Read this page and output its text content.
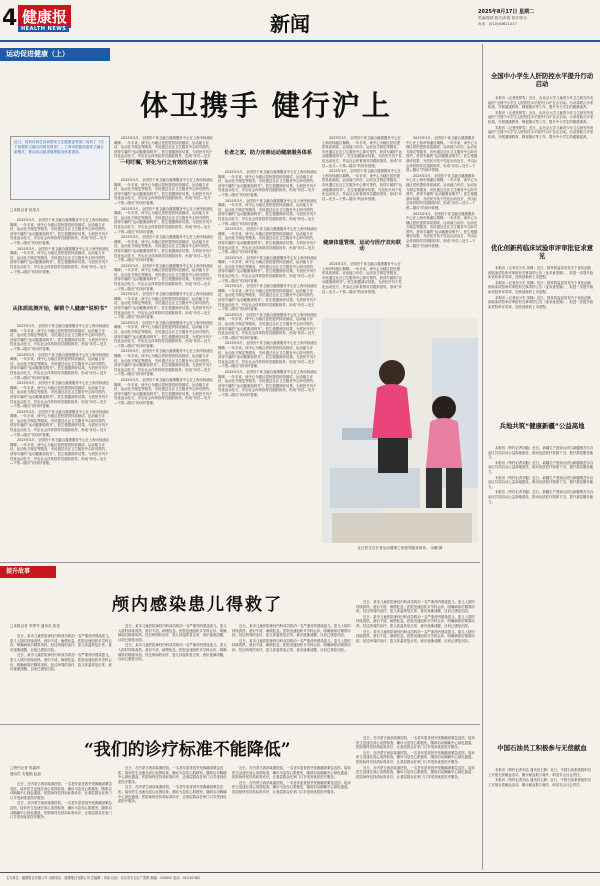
4 健康报
HEALTH NEWS	新闻	2025年8月17日 星期二
责编/陈倩 版式/彭娟 校对/张京
电话：(010)64621017
运动促进健康（上）
体卫携手 健行沪上
近日，国家体育总局和国家卫生健康委等部门发布了《关于加强体卫融合的指导意见》。上海市积极探索体卫融合新模式，推动运动促进健康服务体系建设。
□本报记者 赵星月

2025年3月，全国首个体卫融合健康服务中心在上海市杨浦区揭牌。一年多来，该中心为辖区居民提供体质测试、运动能力评估、运动处方制定等服务，市民通过社区卫生服务中心即可预约，获得专属的“运动健康说明书”。医生根据测评结果，为居民开具个性化运动处方，并由社会体育指导员跟踪指导，形成“评估—处方—干预—随访”的闭环管理。

2025年3月，全国首个体卫融合健康服务中心在上海市杨浦区揭牌。一年多来，该中心为辖区居民提供体质测试、运动能力评估、运动处方制定等服务，市民通过社区卫生服务中心即可预约，获得专属的“运动健康说明书”。医生根据测评结果，为居民开具个性化运动处方，并由社会体育指导员跟踪指导，形成“评估—处方—干预—随访”的闭环管理。

从体质监测开始，解锁个人健康“说明书”

2025年3月，全国首个体卫融合健康服务中心在上海市杨浦区揭牌。一年多来，该中心为辖区居民提供体质测试、运动能力评估、运动处方制定等服务，市民通过社区卫生服务中心即可预约，获得专属的“运动健康说明书”。医生根据测评结果，为居民开具个性化运动处方，并由社会体育指导员跟踪指导，形成“评估—处方—干预—随访”的闭环管理。

2025年3月，全国首个体卫融合健康服务中心在上海市杨浦区揭牌。一年多来，该中心为辖区居民提供体质测试、运动能力评估、运动处方制定等服务，市民通过社区卫生服务中心即可预约，获得专属的“运动健康说明书”。医生根据测评结果，为居民开具个性化运动处方，并由社会体育指导员跟踪指导，形成“评估—处方—干预—随访”的闭环管理。

2025年3月，全国首个体卫融合健康服务中心在上海市杨浦区揭牌。一年多来，该中心为辖区居民提供体质测试、运动能力评估、运动处方制定等服务，市民通过社区卫生服务中心即可预约，获得专属的“运动健康说明书”。医生根据测评结果，为居民开具个性化运动处方，并由社会体育指导员跟踪指导，形成“评估—处方—干预—随访”的闭环管理。

2025年3月，全国首个体卫融合健康服务中心在上海市杨浦区揭牌。一年多来，该中心为辖区居民提供体质测试、运动能力评估、运动处方制定等服务，市民通过社区卫生服务中心即可预约，获得专属的“运动健康说明书”。医生根据测评结果，为居民开具个性化运动处方，并由社会体育指导员跟踪指导，形成“评估—处方—干预—随访”的闭环管理。

2025年3月，全国首个体卫融合健康服务中心在上海市杨浦区揭牌。一年多来，该中心为辖区居民提供体质测试、运动能力评估、运动处方制定等服务，市民通过社区卫生服务中心即可预约，获得专属的“运动健康说明书”。医生根据测评结果，为居民开具个性化运动处方，并由社会体育指导员跟踪指导，形成“评估—处方—干预—随访”的闭环管理。

2025年3月，全国首个体卫融合健康服务中心在上海市杨浦区揭牌。一年多来，该中心为辖区居民提供体质测试、运动能力评估、运动处方制定等服务，市民通过社区卫生服务中心即可预约，获得专属的“运动健康说明书”。医生根据测评结果，为居民开具个性化运动处方，并由社会体育指导员跟踪指导，形成“评估—处方

一句叮嘱，转化为行之有效的运动方案

2025年3月，全国首个体卫融合健康服务中心在上海市杨浦区揭牌。一年多来，该中心为辖区居民提供体质测试、运动能力评估、运动处方制定等服务，市民通过社区卫生服务中心即可预约，获得专属的“运动健康说明书”。医生根据测评结果，为居民开具个性化运动处方，并由社会体育指导员跟踪指导，形成“评估—处方—干预—随访”的闭环管理。

2025年3月，全国首个体卫融合健康服务中心在上海市杨浦区揭牌。一年多来，该中心为辖区居民提供体质测试、运动能力评估、运动处方制定等服务，市民通过社区卫生服务中心即可预约，获得专属的“运动健康说明书”。医生根据测评结果，为居民开具个性化运动处方，并由社会体育指导员跟踪指导，形成“评估—处方—干预—随访”的闭环管理。

2025年3月，全国首个体卫融合健康服务中心在上海市杨浦区揭牌。一年多来，该中心为辖区居民提供体质测试、运动能力评估、运动处方制定等服务，市民通过社区卫生服务中心即可预约，获得专属的“运动健康说明书”。医生根据测评结果，为居民开具个性化运动处方，并由社会体育指导员跟踪指导，形成“评估—处方—干预—随访”的闭环管理。

2025年3月，全国首个体卫融合健康服务中心在上海市杨浦区揭牌。一年多来，该中心为辖区居民提供体质测试、运动能力评估、运动处方制定等服务，市民通过社区卫生服务中心即可预约，获得专属的“运动健康说明书”。医生根据测评结果，为居民开具个性化运动处方，并由社会体育指导员跟踪指导，形成“评估—处方—干预—随访”的闭环管理。

2025年3月，全国首个体卫融合健康服务中心在上海市杨浦区揭牌。一年多来，该中心为辖区居民提供体质测试、运动能力评估、运动处方制定等服务，市民通过社区卫生服务中心即可预约，获得专属的“运动健康说明书”。医生根据测评结果，为居民开具个性化运动处方，并由社会体育指导员跟踪指导，形成“评估—处方—干预—随访”的闭环管理。

2025年3月，全国首个体卫融合健康服务中心在上海市杨浦区揭牌。一年多来，该中心为辖区居民提供体质测试、运动能力评估、运动处方制定等服务，市民通过社区卫生服务中心即可预约，获得专属的“运动健康说明书”。医生根据测评结果，为居民开具个性化运动处方，并由社会体育指导员跟踪指导，形成“评估—处方—干预—随访”的闭环管理。

2025年3月，全国首个体卫融合健康服务中心在上海市杨浦区揭牌。一年多来，该中心为辖区居民提供体质测试、运动能力评估、运动处方制定等服务，市民通过社区卫生服务中心即可预约，获得专属的“运动健康说明书”。医生根据测评结果，为居民开具个性化运动处方，并由社会体育指导员跟踪指导，形成“评估—处方—干预—随访”的闭环管理。

2025年3月，全国首个体卫融合健康服务中心在上海市杨浦区揭牌。一年多来，该中心为辖区居民提供体质测试、运动能力评估、运动处方制定等服务，市民通过社区卫生服务中心即可预约，获得专属的“运动健康说明书”。医生根据测评结果，为居民开具个性化运动处方，并由社会体育指导员跟踪指导，形成“评估—处方—干预—随访”的闭环管理。

长者之家，助力完善运动健康服务体系

2025年3月，全国首个体卫融合健康服务中心在上海市杨浦区揭牌。一年多来，该中心为辖区居民提供体质测试、运动能力评估、运动处方制定等服务，市民通过社区卫生服务中心即可预约，获得专属的“运动健康说明书”。医生根据测评结果，为居民开具个性化运动处方，并由社会体育指导员跟踪指导，形成“评估—处方—干预—随访”的闭环管理。

2025年3月，全国首个体卫融合健康服务中心在上海市杨浦区揭牌。一年多来，该中心为辖区居民提供体质测试、运动能力评估、运动处方制定等服务，市民通过社区卫生服务中心即可预约，获得专属的“运动健康说明书”。医生根据测评结果，为居民开具个性化运动处方，并由社会体育指导员跟踪指导，形成“评估—处方—干预—随访”的闭环管理。

2025年3月，全国首个体卫融合健康服务中心在上海市杨浦区揭牌。一年多来，该中心为辖区居民提供体质测试、运动能力评估、运动处方制定等服务，市民通过社区卫生服务中心即可预约，获得专属的“运动健康说明书”。医生根据测评结果，为居民开具个性化运动处方，并由社会体育指导员跟踪指导，形成“评估—处方—干预—随访”的闭环管理。

2025年3月，全国首个体卫融合健康服务中心在上海市杨浦区揭牌。一年多来，该中心为辖区居民提供体质测试、运动能力评估、运动处方制定等服务，市民通过社区卫生服务中心即可预约，获得专属的“运动健康说明书”。医生根据测评结果，为居民开具个性化运动处方，并由社会体育指导员跟踪指导，形成“评估—处方—干预—随访”的闭环管理。

2025年3月，全国首个体卫融合健康服务中心在上海市杨浦区揭牌。一年多来，该中心为辖区居民提供体质测试、运动能力评估、运动处方制定等服务，市民通过社区卫生服务中心即可预约，获得专属的“运动健康说明书”。医生根据测评结果，为居民开具个性化运动处方，并由社会体育指导员跟踪指导，形成“评估—处方—干预—随访”的闭环管理。

2025年3月，全国首个体卫融合健康服务中心在上海市杨浦区揭牌。一年多来，该中心为辖区居民提供体质测试、运动能力评估、运动处方制定等服务，市民通过社区卫生服务中心即可预约，获得专属的“运动健康说明书”。医生根据测评结果，为居民开具个性化运动处方，并由社会体育指导员跟踪指导，形成“评估—处方—干预—随访”的闭环管理。

2025年3月，全国首个体卫融合健康服务中心在上海市杨浦区揭牌。一年多来，该中心为辖区居民提供体质测试、运动能力评估、运动处方制定等服务，市民通过社区卫生服务中心即可预约，获得专属的“运动健康说明书”。医生根据测评结果，为居民开具个性化运动处方，并由社会体育指导员跟踪指导，形成“评估—处方—干预—随访”的闭环管理。

2025年3月，全国首个体卫融合健康服务中心在上海市杨浦区揭牌。一年多来，该中心为辖区居民提供体质测试、运动能力评估、运动处方制定等服务，市民通过社区卫生服务中心即可预约，获得专属的“运动健康说明书”。医生根据测评结果，为居民开具个性化运动处方，并由社会体育指导员跟踪指导，形成“评估—处方—干预—随访”的闭环管理。

2025年3月，全国首个体卫融合健康服务中心在上海市杨浦区揭牌。一年多来，该中心为辖区居民提供体质测试、运动能力评估、运动处方制定等服务，市民通过社区卫生服务中心即可预约，获得专属的“运动健康说明书”。医生根据测评结果，为居民开具个性化运动处方，并由社会体育指导员跟踪指导，形成“评估—处方—干预—随访”的闭环管理。

2025年3月，全国首个体卫融合健康服务中心在上海市杨浦区揭牌。一年多来，该中心为辖区居民提供体质测试、运动能力评估、运动处方制定等服务，市民通过社区卫生服务中心即可预约，获得专属的“运动健康说明书”。医生根据测评结果，为居民开具个性化运动处方，并由社会体育指导员跟踪指导，形成“评估—处方—干预—随访”的闭环管理。

健康体重管理，运动与医疗双向联动

2025年3月，全国首个体卫融合健康服务中心在上海市杨浦区揭牌。一年多来，该中心为辖区居民提供体质测试、运动能力评估、运动处方制定等服务，市民通过社区卫生服务中心即可预约，获得专属的“运动健康说明书”。医生根据测评结果，为居民开具个性化运动处方，并由社会体育指导员跟踪指导，形成“评估—处方—干预—随访”的闭环管理。

2025年3月，全国首个体卫融合健康服务中心在上海市杨浦区揭牌。一年多来，该中心为辖区居民提供体质测试、运动能力评估、运动处方制定等服务，市民通过社区卫生服务中心即可预约，获得专属的“运动健康说明书”。医生根据测评结果，为居民开具个性化运动处方，并由社会体育指导员跟踪指导，形成“评估—处方—干预—随访”的闭环管理。

2025年3月，全国首个体卫融合健康服务中心在上海市杨浦区揭牌。一年多来，该中心为辖区居民提供体质测试、运动能力评估、运动处方制定等服务，市民通过社区卫生服务中心即可预约，获得专属的“运动健康说明书”。医生根据测评结果，为居民开具个性化运动处方，并由社会体育指导员跟踪指导，形成“评估—处方—干预—随访”的闭环管理。

2025年3月，全国首个体卫融合健康服务中心在上海市杨浦区揭牌。一年多来，该中心为辖区居民提供体质测试、运动能力评估、运动处方制定等服务，市民通过社区卫生服务中心即可预约，获得专属的“运动健康说明书”。医生根据测评结果，为居民开具个性化运动处方，并由社会体育指导员跟踪指导，形成“评估—处方—干预—随访”的闭环管理。

社区医生在长者运动健康之家指导健身指导。 余鹏 摄
全国中小学生人肝防控水平提升行动启动

本报讯（记者张梦雪）近日，由北京大学儿童青少年卫生研究所发起的“全国中小学生人肝防控水平提升行动”在京启动。行动将联合多家机构，开展健康教育、筛查随访等工作，提升中小学生的健康素养。

本报讯（记者张梦雪）近日，由北京大学儿童青少年卫生研究所发起的“全国中小学生人肝防控水平提升行动”在京启动。行动将联合多家机构，开展健康教育、筛查随访等工作，提升中小学生的健康素养。

本报讯（记者张梦雪）近日，由北京大学儿童青少年卫生研究所发起的“全国中小学生人肝防控水平提升行动”在京启动。行动将联合多家机构，开展健康教育、筛查随访等工作，提升中小学生的健康素养。

优化创新药临床试验审评审批征求意见

本报讯（记者吴少杰 刘静）近日，国家药监局发布关于优化创新药临床试验审评审批有关事项的公告（征求意见稿），拟进一步提升临床试验审评效率，加快创新药上市进程。

本报讯（记者吴少杰 刘静）近日，国家药监局发布关于优化创新药临床试验审评审批有关事项的公告（征求意见稿），拟进一步提升临床试验审评效率，加快创新药上市进程。

本报讯（记者吴少杰 刘静）近日，国家药监局发布关于优化创新药临床试验审评审批有关事项的公告（征求意见稿），拟进一步提升临床试验审评效率，加快创新药上市进程。

兵地共筑“健康新疆”公益高地

本报讯（特约记者刘磊）近日，新疆生产建设兵团与新疆维吾尔自治区共同启动公益高地建设，推动优质医疗资源下沉，提升基层服务能力。

本报讯（特约记者刘磊）近日，新疆生产建设兵团与新疆维吾尔自治区共同启动公益高地建设，推动优质医疗资源下沉，提升基层服务能力。

本报讯（特约记者刘磊）近日，新疆生产建设兵团与新疆维吾尔自治区共同启动公益高地建设，推动优质医疗资源下沉，提升基层服务能力。

本报讯（特约记者刘磊）近日，新疆生产建设兵团与新疆维吾尔自治区共同启动公益高地建设，推动优质医疗资源下沉，提升基层服务能力。

中国石油员工积极参与无偿献血

本报讯（特约记者刘洁 通讯员王静）近日，中国石油系统组织员工开展无偿献血活动，累计献血数万毫升，彰显央企社会责任。

本报讯（特约记者刘洁 通讯员王静）近日，中国石油系统组织员工开展无偿献血活动，累计献血数万毫升，彰显央企社会责任。

提升故事
颅内感染患儿得救了
□本报记者 李季苓 通讯员 张佳

近日，某市儿童医院神经内科成功救治一名严重颅内感染患儿。患儿入院时持续高热、意识不清，病情危急。医院迅速组织多学科会诊，明确病原后精准用药。经过两周的治疗，患儿体温恢复正常，意识逐渐清醒，目前已康复出院。

近日，某市儿童医院神经内科成功救治一名严重颅内感染患儿。患儿入院时持续高热、意识不清，病情危急。医院迅速组织多学科会诊，明确病原后精准用药。经过两周的治疗，患儿体温恢复正常，意识逐渐清醒，目前已康复出院。

近日，某市儿童医院神经内科成功救治一名严重颅内感染患儿。患儿入院时持续高热、意识不清，病情危急。医院迅速组织多学科会诊，明确病原后精准用药。经过两周的治疗，患儿体温恢复正常，意识逐渐清醒，目前已康复出院。

近日，某市儿童医院神经内科成功救治一名严重颅内感染患儿。患儿入院时持续高热、意识不清，病情危急。医院迅速组织多学科会诊，明确病原后精准用药。经过两周的治疗，患儿体温恢复正常，意识逐渐清醒，目前已康复出院。

近日，某市儿童医院神经内科成功救治一名严重颅内感染患儿。患儿入院时持续高热、意识不清，病情危急。医院迅速组织多学科会诊，明确病原后精准用药。经过两周的治疗，患儿体温恢复正常，意识逐渐清醒，目前已康复出院。

近日，某市儿童医院神经内科成功救治一名严重颅内感染患儿。患儿入院时持续高热、意识不清，病情危急。医院迅速组织多学科会诊，明确病原后精准用药。经过两周的治疗，患儿体温恢复正常，意识逐渐清醒，目前已康复出院。

近日，某市儿童医院神经内科成功救治一名严重颅内感染患儿。患儿入院时持续高热、意识不清，病情危急。医院迅速组织多学科会诊，明确病原后精准用药。经过两周的治疗，患儿体温恢复正常，意识逐渐清醒，目前已康复出院。

近日，某市儿童医院神经内科成功救治一名严重颅内感染患儿。患儿入院时持续高热、意识不清，病情危急。医院迅速组织多学科会诊，明确病原后精准用药。经过两周的治疗，患儿体温恢复正常，意识逐渐清醒，目前已康复出院。

近日，某市儿童医院神经内科成功救治一名严重颅内感染患儿。患儿入院时持续高热、意识不清，病情危急。医院迅速组织多学科会诊，明确病原后精准用药。经过两周的治疗，患儿体温恢复正常，意识逐渐清醒，目前已康复出院。

“我们的诊疗标准不能降低”
□特约记者 郭睿琦
通讯员 安艳艳 赵晶

近日，在内蒙古西部某旗医院，一名老年患者因突发胸痛被紧急送医。接诊医生迅速完成心电图检查，确诊为急性心肌梗死，随即启动胸痛中心绿色通道。医院始终坚持高标准诊疗，让基层群众在家门口享受到优质医疗服务。

近日，在内蒙古西部某旗医院，一名老年患者因突发胸痛被紧急送医。接诊医生迅速完成心电图检查，确诊为急性心肌梗死，随即启动胸痛中心绿色通道。医院始终坚持高标准诊疗，让基层群众在家门口享受到优质医疗服务。

近日，在内蒙古西部某旗医院，一名老年患者因突发胸痛被紧急送医。接诊医生迅速完成心电图检查，确诊为急性心肌梗死，随即启动胸痛中心绿色通道。医院始终坚持高标准诊疗，让基层群众在家门口享受到优质医疗服务。

近日，在内蒙古西部某旗医院，一名老年患者因突发胸痛被紧急送医。接诊医生迅速完成心电图检查，确诊为急性心肌梗死，随即启动胸痛中心绿色通道。医院始终坚持高标准诊疗，让基层群众在家门口享受到优质医疗服务。

近日，在内蒙古西部某旗医院，一名老年患者因突发胸痛被紧急送医。接诊医生迅速完成心电图检查，确诊为急性心肌梗死，随即启动胸痛中心绿色通道。医院始终坚持高标准诊疗，让基层群众在家门口享受到优质医疗服务。

近日，在内蒙古西部某旗医院，一名老年患者因突发胸痛被紧急送医。接诊医生迅速完成心电图检查，确诊为急性心肌梗死，随即启动胸痛中心绿色通道。医院始终坚持高标准诊疗，让基层群众在家门口享受到优质医疗服务。

近日，在内蒙古西部某旗医院，一名老年患者因突发胸痛被紧急送医。接诊医生迅速完成心电图检查，确诊为急性心肌梗死，随即启动胸痛中心绿色通道。医院始终坚持高标准诊疗，让基层群众在家门口享受到优质医疗服务。

近日，在内蒙古西部某旗医院，一名老年患者因突发胸痛被紧急送医。接诊医生迅速完成心电图检查，确诊为急性心肌梗死，随即启动胸痛中心绿色通道。医院始终坚持高标准诊疗，让基层群众在家门口享受到优质医疗服务。

近日，在内蒙古西部某旗医院，一名老年患者因突发胸痛被紧急送医。接诊医生迅速完成心电图检查，确诊为急性心肌梗死，随即启动胸痛中心绿色通道。医院始终坚持高标准诊疗，让基层群众在家门口享受到优质医疗服务。

主办单位：健康报社有限公司 出版单位：健康报社有限公司 总编辑：刘纯 社址：北京市丰台区广泰路 邮编：100052 电话：010-52382
